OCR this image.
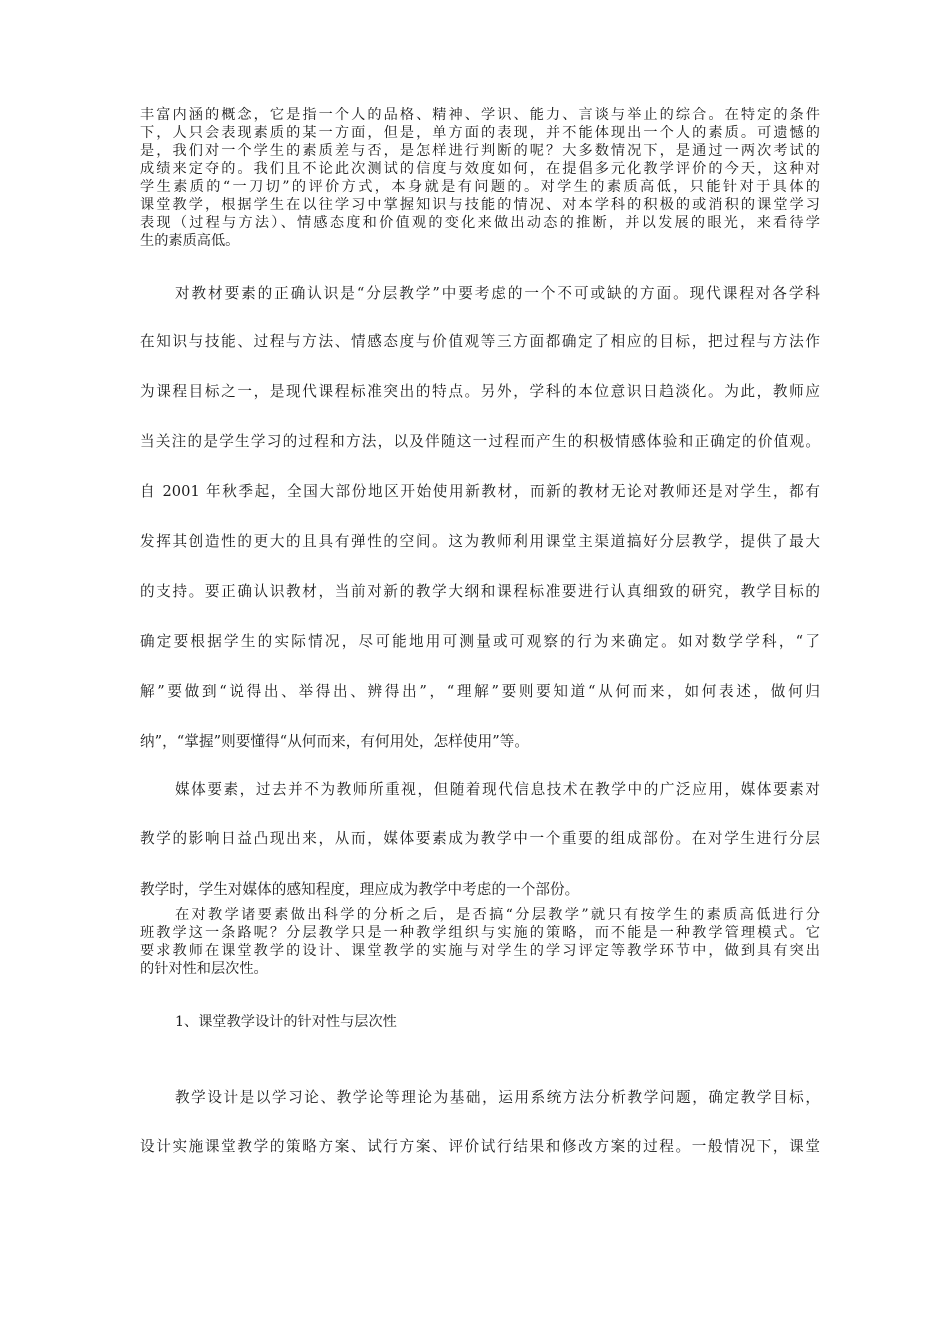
丰富内涵的概念，它是指一个人的品格、精神、学识、能力、言谈与举止的综合。在特定的条件
下，人只会表现素质的某一方面，但是，单方面的表现，并不能体现出一个人的素质。可遗憾的
是，我们对一个学生的素质差与否，是怎样进行判断的呢？大多数情况下，是通过一两次考试的
成绩来定夺的。我们且不论此次测试的信度与效度如何，在提倡多元化教学评价的今天，这种对
学生素质的“一刀切”的评价方式，本身就是有问题的。对学生的素质高低，只能针对于具体的
课堂教学，根据学生在以往学习中掌握知识与技能的情况、对本学科的积极的或消积的课堂学习
表现（过程与方法）、情感态度和价值观的变化来做出动态的推断，并以发展的眼光，来看待学
生的素质高低。
对教材要素的正确认识是“分层教学”中要考虑的一个不可或缺的方面。现代课程对各学科
在知识与技能、过程与方法、情感态度与价值观等三方面都确定了相应的目标，把过程与方法作
为课程目标之一，是现代课程标准突出的特点。另外，学科的本位意识日趋淡化。为此，教师应
当关注的是学生学习的过程和方法，以及伴随这一过程而产生的积极情感体验和正确定的价值观。
自 2001 年秋季起，全国大部份地区开始使用新教材，而新的教材无论对教师还是对学生，都有
发挥其创造性的更大的且具有弹性的空间。这为教师利用课堂主渠道搞好分层教学，提供了最大
的支持。要正确认识教材，当前对新的教学大纲和课程标准要进行认真细致的研究，教学目标的
确定要根据学生的实际情况，尽可能地用可测量或可观察的行为来确定。如对数学学科，“了
解”要做到“说得出、举得出、辨得出”，“理解”要则要知道“从何而来，如何表述，做何归
纳”，“掌握”则要懂得“从何而来，有何用处，怎样使用”等。
媒体要素，过去并不为教师所重视，但随着现代信息技术在教学中的广泛应用，媒体要素对
教学的影响日益凸现出来，从而，媒体要素成为教学中一个重要的组成部份。在对学生进行分层
教学时，学生对媒体的感知程度，理应成为教学中考虑的一个部份。
在对教学诸要素做出科学的分析之后，是否搞“分层教学”就只有按学生的素质高低进行分
班教学这一条路呢？分层教学只是一种教学组织与实施的策略，而不能是一种教学管理模式。它
要求教师在课堂教学的设计、课堂教学的实施与对学生的学习评定等教学环节中，做到具有突出
的针对性和层次性。
1、课堂教学设计的针对性与层次性
教学设计是以学习论、教学论等理论为基础，运用系统方法分析教学问题，确定教学目标，
设计实施课堂教学的策略方案、试行方案、评价试行结果和修改方案的过程。一般情况下，课堂
